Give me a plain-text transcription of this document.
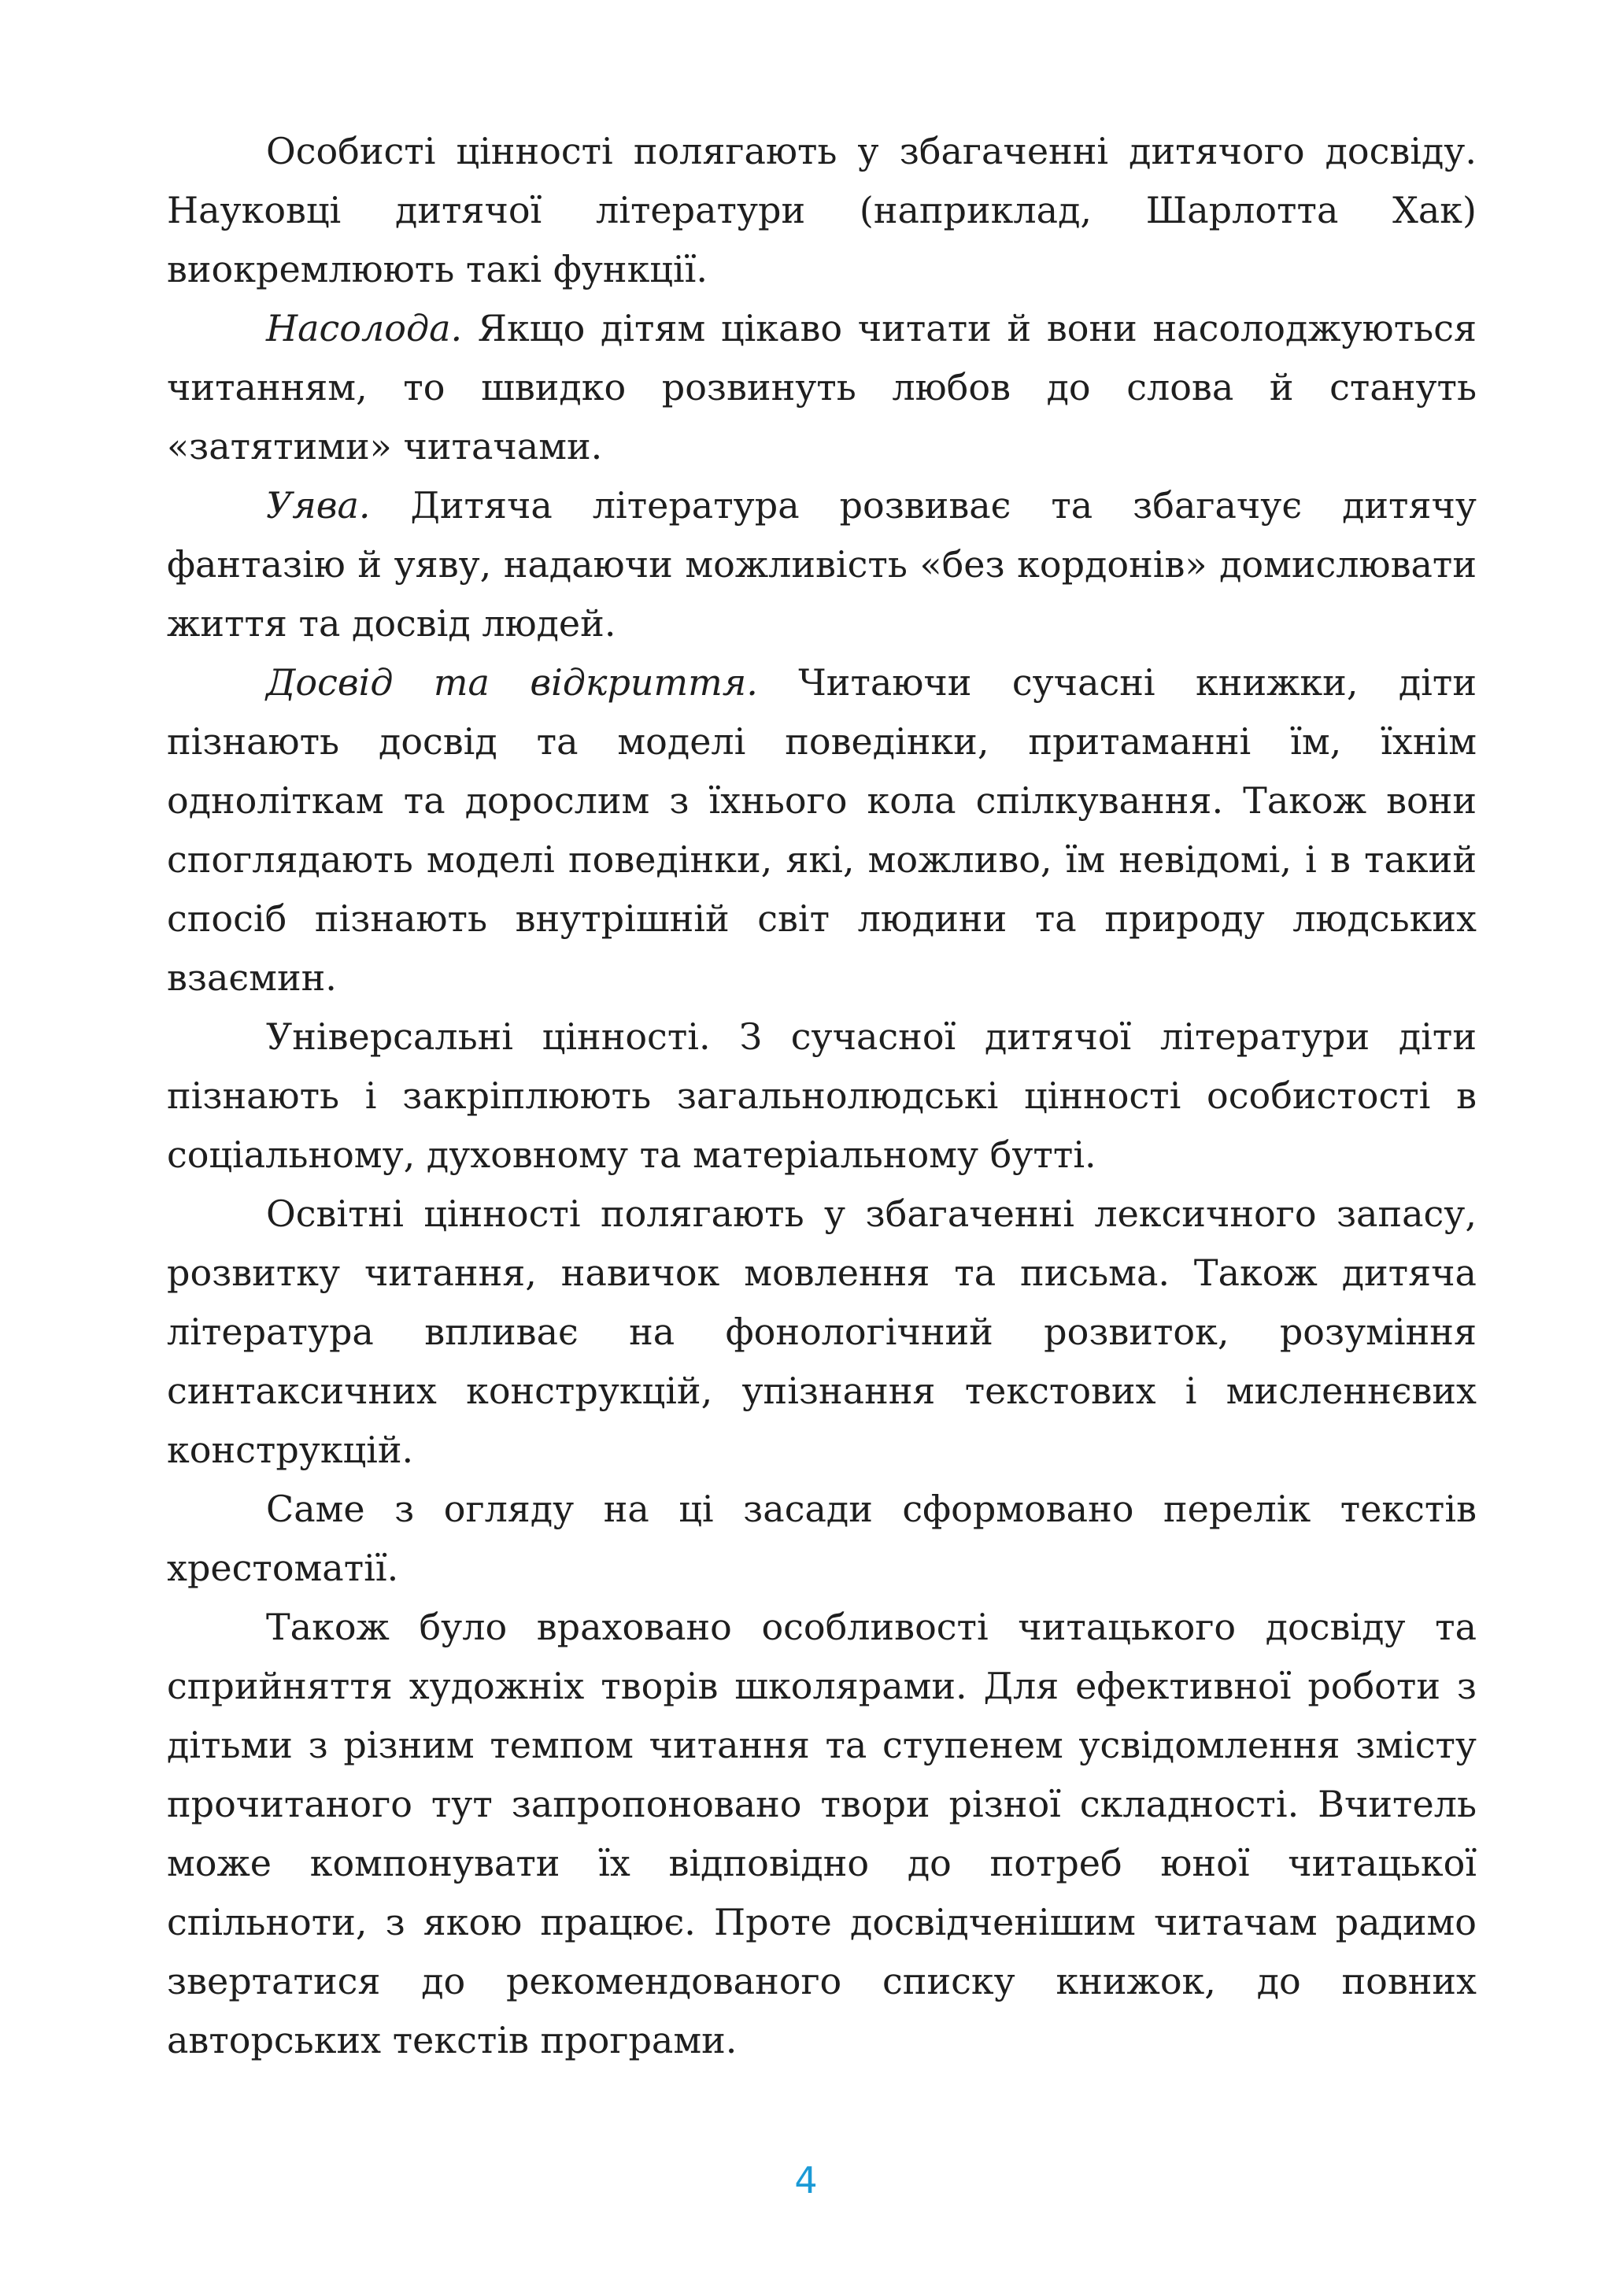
Особисті цінності полягають у збагаченні дитячого досвіду. Науковці дитячої літератури (наприклад, Шарлотта Хак) виокремлюють такі функції.

Насолода. Якщо дітям цікаво читати й вони насолоджуються читанням, то швидко розвинуть любов до слова й стануть «затятими» читачами.

Уява. Дитяча література розвиває та збагачує дитячу фантазію й уяву, надаючи можливість «без кордонів» домислювати життя та досвід людей.

Досвід та відкриття. Читаючи сучасні книжки, діти пізнають досвід та моделі поведінки, притаманні їм, їхнім одноліткам та дорослим з їхнього кола спілкування. Також вони споглядають моделі поведінки, які, можливо, їм невідомі, і в такий спосіб пізнають внутрішній світ людини та природу людських взаємин.

Універсальні цінності. З сучасної дитячої літератури діти пізнають і закріплюють загальнолюдські цінності особистості в соціальному, духовному та матеріальному бутті.

Освітні цінності полягають у збагаченні лексичного запасу, розвитку читання, навичок мовлення та письма. Також дитяча література впливає на фонологічний розвиток, розуміння синтаксичних конструкцій, упізнання текстових і мисленнєвих конструкцій.

Саме з огляду на ці засади сформовано перелік текстів хрестоматії.

Також було враховано особливості читацького досвіду та сприйняття художніх творів школярами. Для ефективної роботи з дітьми з різним темпом читання та ступенем усвідомлення змісту прочитаного тут запропоновано твори різної складності. Вчитель може компонувати їх відповідно до потреб юної читацької спільноти, з якою працює. Проте досвідченішим читачам радимо звертатися до рекомендованого списку книжок, до повних авторських текстів програми.

4
